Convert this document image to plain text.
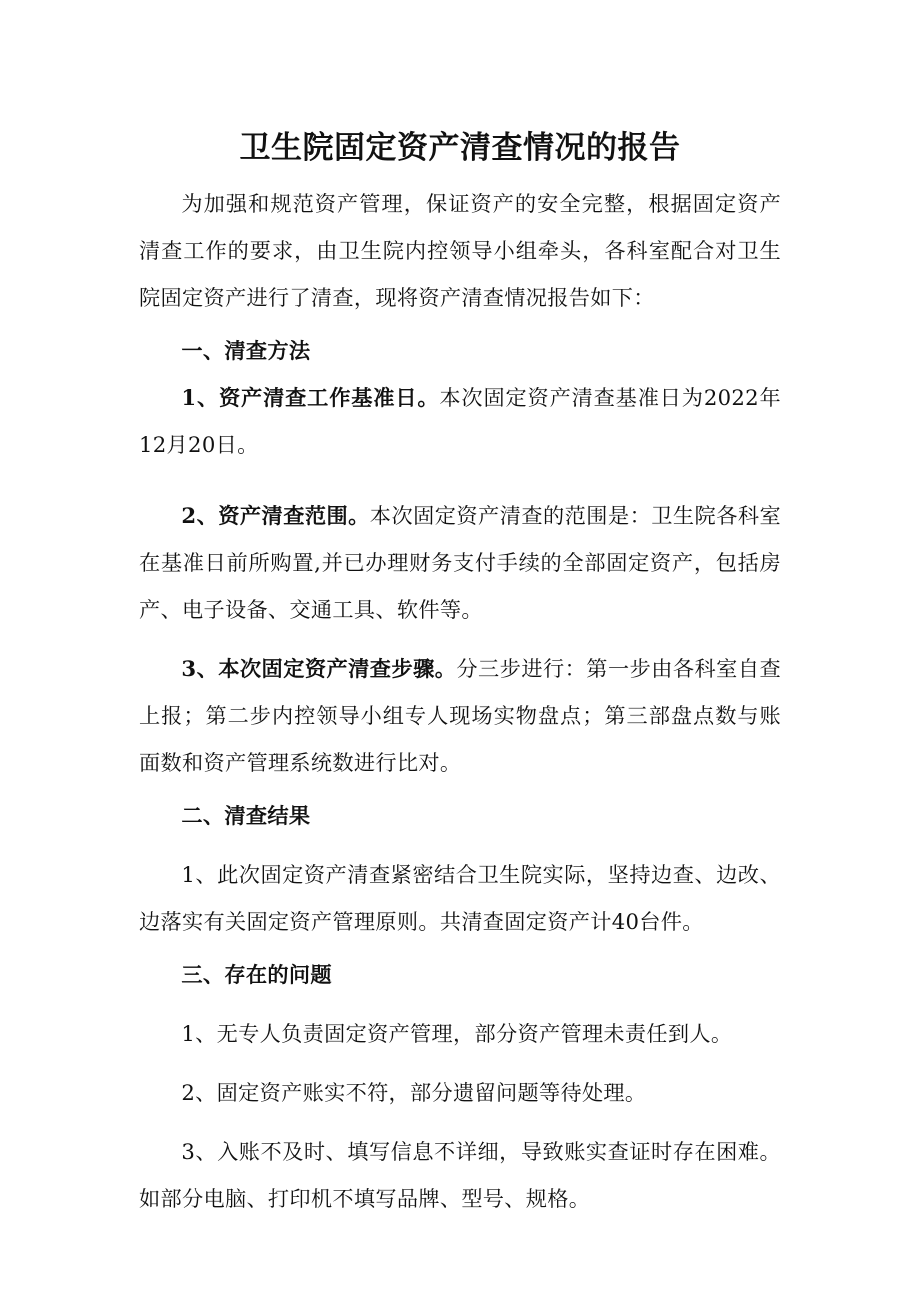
卫生院固定资产清查情况的报告

为加强和规范资产管理，保证资产的安全完整，根据固定资产清查工作的要求，由卫生院内控领导小组牵头，各科室配合对卫生院固定资产进行了清查，现将资产清查情况报告如下：

一、清查方法

1、资产清查工作基准日。本次固定资产清查基准日为2022年12月20日。

2、资产清查范围。本次固定资产清查的范围是：卫生院各科室在基准日前所购置,并已办理财务支付手续的全部固定资产，包括房产、电子设备、交通工具、软件等。

3、本次固定资产清查步骤。分三步进行：第一步由各科室自查上报；第二步内控领导小组专人现场实物盘点；第三部盘点数与账面数和资产管理系统数进行比对。

二、清查结果

1、此次固定资产清查紧密结合卫生院实际，坚持边查、边改、边落实有关固定资产管理原则。共清查固定资产计40台件。

三、存在的问题

1、无专人负责固定资产管理，部分资产管理未责任到人。

2、固定资产账实不符，部分遗留问题等待处理。

3、入账不及时、填写信息不详细，导致账实查证时存在困难。如部分电脑、打印机不填写品牌、型号、规格。
